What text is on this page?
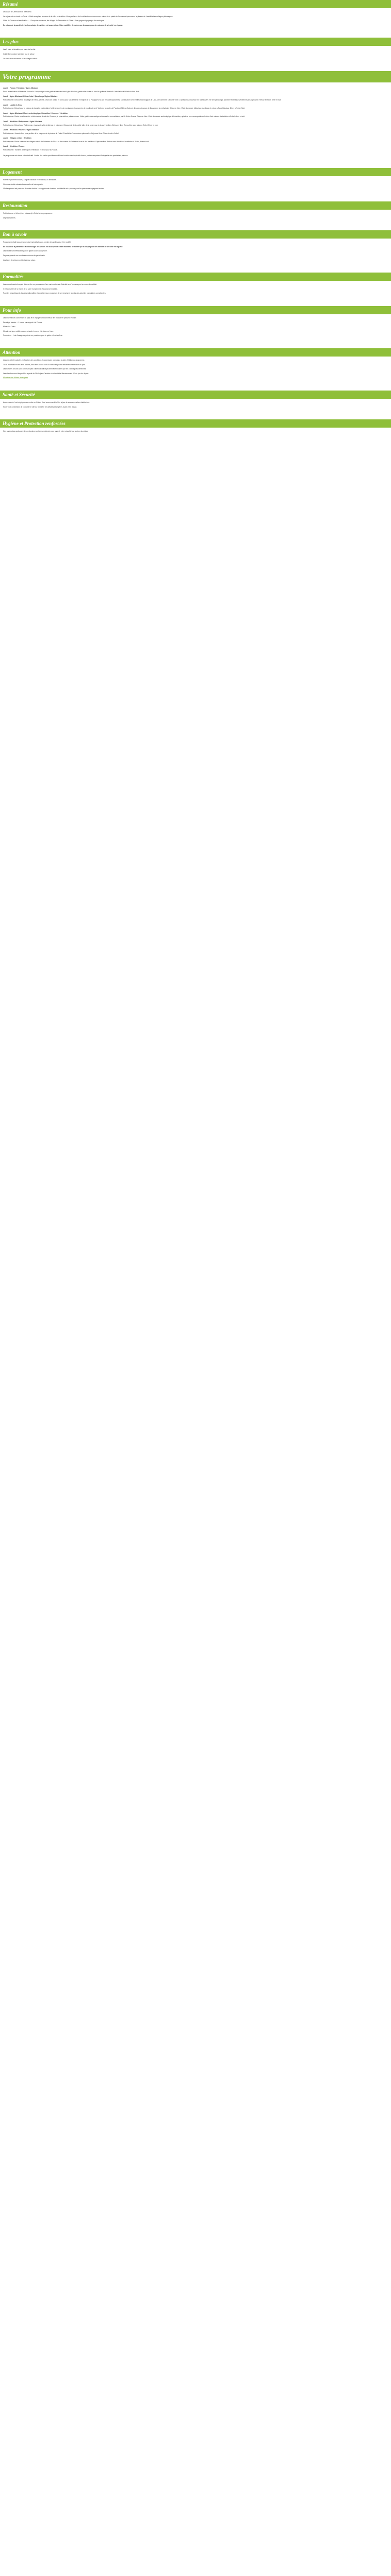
Résumé

Découvrir la Crète dans un week-end.

Le séjour est un circuit en Crète. L’hôtel sera placé au cœur de la ville, à Héraklion. Vous profiterez de la civilisation minoenne aux ruines et du palais de Cnossos et parcourrez le plateau de Lassithi et ses villages pittoresques.

Visite de Cnossos et ses fouilles — L’Acropole minoenne, les villages de Tzermiado et Kritsa — Les gorges et paysages de montagne.

En raison de la pandémie, la chronologie des visites est susceptible d’être modifiée, de même que la coupe pour des raisons de sécurité en vigueur.

Les plus

Les 2 nuits à Héraklion, au cœur de la ville.

Guide francophone pendant tout le séjour

La civilisation minoenne et les villages crétois

Votre programme

Jour 1 : France / Héraklion / Agios Nikolaos

Envol à destination d’Héraklion. Accueil à l’aéroport par votre guide et transfert vers Agios Nikolaos, petite ville située au bord du golfe de Mirabello. Installation à l’hôtel et dîner. Nuit.

Jour 2 : Agios Nikolaos / Kritsa / Lato / Spinalonga / Agios Nikolaos

Petit-déjeuner. Découverte du village de Kritsa, perché à flanc de colline et connu pour son artisanat et l’église de la Panagia Kera aux fresques byzantines. Continuation vers le site archéologique de Lato, cité dorienne. Déjeuner libre. L’après-midi, excursion en bateau vers l’île de Spinalonga, ancienne forteresse vénitienne puis léproserie. Retour à l’hôtel, dîner et nuit.

Jour 3 : Lasithi et Zeus

Petit-déjeuner. Départ pour le plateau de Lassithi, vaste plaine fertile entourée de montagnes et parsemée de moulins à vent. Visite de la grotte de Psychro (Dikteon Andron), lieu de naissance de Zeus selon la mythologie. Déjeuner libre. Visite du musée folklorique du village et retour à Agios Nikolaos. Dîner à l’hôtel. Nuit.

Jour 4 : Agios Nikolaos / Musée archéologique / Héraklion / Cnossos / Héraklion

Petit-déjeuner. Route vers Héraklion et découverte du site de Cnossos, le plus célèbre palais minoen. Visite guidée des vestiges et des salles reconstituées par Sir Arthur Evans. Déjeuner libre. Visite du musée archéologique d’Héraklion, qui abrite une remarquable collection d’art minoen. Installation à l’hôtel, dîner et nuit.

Jour 5 : Héraklion / Rethymnon / Agios Nikolaos

Petit-déjeuner. Départ pour Rethymnon, charmante ville vénitienne et ottomane. Découverte de la vieille ville, de la forteresse et du port vénitien. Déjeuner libre. Temps libre puis retour à l’hôtel. Dîner et nuit.

Jour 6 : Héraklion / Fournes / Agios Nikolaos

Petit-déjeuner. Journée libre pour profiter de la plage ou de la piscine de l’hôtel. Possibilité d’excursions optionnelles. Déjeuner libre. Dîner et nuit à l’hôtel.

Jour 7 : Villages crétois / Héraklion

Petit-déjeuner. Route à travers les villages crétois de l’intérieur de l’île, à la découverte de l’artisanat local et des traditions. Déjeuner libre. Retour vers Héraklion. Installation à l’hôtel, dîner et nuit.

Jour 8 : Héraklion / France

Petit-déjeuner. Transfert à l’aéroport d’Héraklion et envol pour la France.

Le programme est donné à titre indicatif. L’ordre des visites peut être modifié en fonction des impératifs locaux, tout en respectant l’intégralité des prestations prévues.

Logement

Hôtels 4* (normes locales) à Agios Nikolaos et Héraklion, ou similaires.

Chambre double standard avec salle de bains privée.

L’hébergement est prévu en chambre double. Un supplément chambre individuelle est à prévoir pour les personnes voyageant seules.

Restauration

Petit-déjeuner et dîner (hors boissons) à l’hôtel selon programme.

Déjeuners libres.

Bon à savoir

Programme établi sous réserve des impératifs locaux. L’ordre des visites peut être modifié.

En raison de la pandémie, la chronologie des visites est susceptible d’être modifiée, de même que la coupe pour des raisons de sécurité en vigueur.

Les visites sont effectuées par un guide local francophone.

Départs garantis sur une base minimum de participants.

Les taxes de séjour sont à régler sur place.

Formalités

Les ressortissants français doivent être en possession d’une carte nationale d’identité ou d’un passeport en cours de validité.

Il est conseillé de se munir de la carte européenne d’assurance maladie.

Pour les ressortissants d’autres nationalités, il appartient aux voyageurs de se renseigner auprès des autorités consulaires compétentes.

Pour info

Les informations concernant le pays et le voyage sont données à titre indicatif et peuvent évoluer.

Décalage horaire : +1 heure par rapport à la France.

Monnaie : l’euro.

Climat : de type méditerranéen, chaud et sec en été, doux en hiver.

Pourboires : il est d’usage de prévoir un pourboire pour le guide et le chauffeur.

Attention

Les prix ont été calculés en fonction des conditions économiques connues à la date d’édition du programme.

Toute modification des tarifs aériens, des taxes ou du coût du carburant pourra entraîner une révision du prix.

Les horaires de vols sont communiqués à titre indicatif et peuvent être modifiés par les compagnies aériennes.

Les chambres sont disponibles à partir de 14h le jour d’arrivée et doivent être libérées avant 12h le jour du départ.

Ministère des Affaires étrangères

Santé et Sécurité

Aucun vaccin n’est exigé pour se rendre en Grèce. Il est recommandé d’être à jour de ses vaccinations habituelles.

Nous vous conseillons de consulter le site du Ministère des Affaires étrangères avant votre départ.

Hygiène et Protection renforcées

Nos partenaires appliquent des protocoles sanitaires renforcés pour garantir votre sécurité tout au long du séjour.
